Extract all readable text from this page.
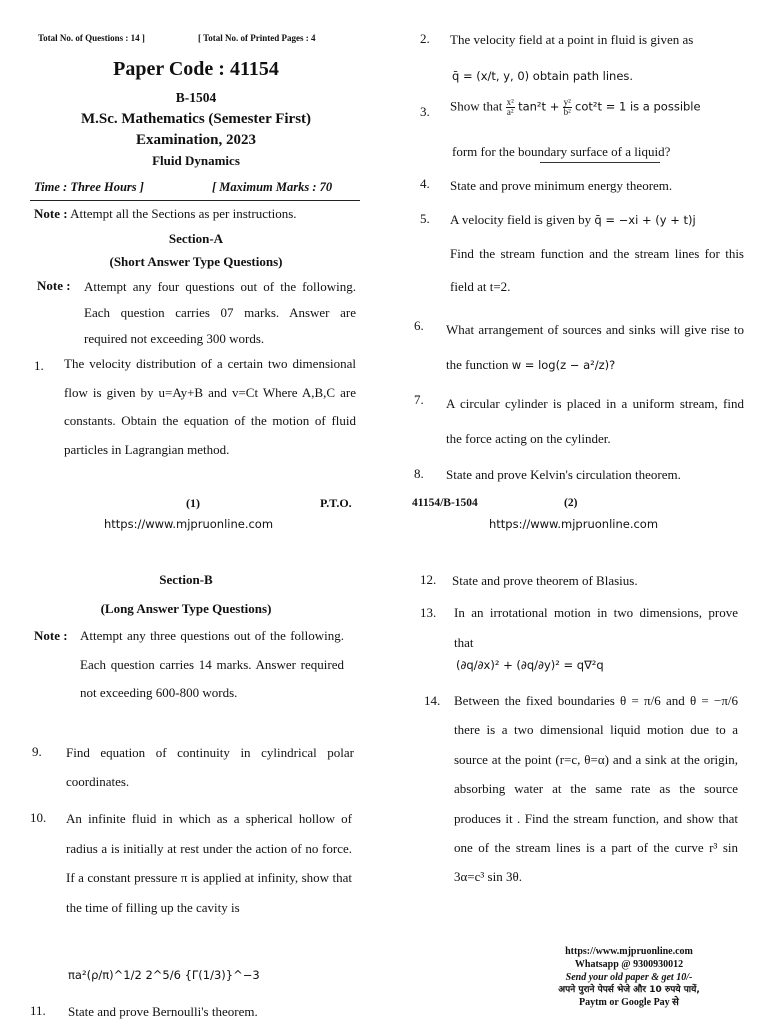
Total No. of Questions : 14 ]	[ Total No. of Printed Pages : 4
Paper Code : 41154
B-1504
M.Sc. Mathematics (Semester First)
Examination, 2023
Fluid Dynamics
Time : Three Hours ]	[ Maximum Marks : 70
Note : Attempt all the Sections as per instructions.
Section-A
(Short Answer Type Questions)
Note : Attempt any four questions out of the following. Each question carries 07 marks. Answer are required not exceeding 300 words.
1. The velocity distribution of a certain two dimensional flow is given by u=Ay+B and v=Ct Where A,B,C are constants. Obtain the equation of the motion of fluid particles in Lagrangian method.
(1)	P.T.O.
2. The velocity field at a point in fluid is given as
q̄ = (x/t, y, 0) obtain path lines.
3. Show that $\frac{\text{x²}}{\text{a²}} \tan^2t + \frac{\text{y²}}{\text{b²}} \cot^2t = 1$ is a possible
form for the boundary surface of a liquid?
4. State and prove minimum energy theorem.
5. A velocity field is given by q̄ = −xi + (y + t)j
Find the stream function and the stream lines for this field at t=2.
6. What arrangement of sources and sinks will give rise to the function w = log(z − a²/z)?
7. A circular cylinder is placed in a uniform stream, find the force acting on the cylinder.
8. State and prove Kelvin's circulation theorem.
41154/B-1504	(2)
https://www.mjpruonline.com	https://www.mjpruonline.com
Section-B
(Long Answer Type Questions)
Note : Attempt any three questions out of the following. Each question carries 14 marks. Answer required not exceeding 600-800 words.
9. Find equation of continuity in cylindrical polar coordinates.
10. An infinite fluid in which as a spherical hollow of radius a is initially at rest under the action of no force. If a constant pressure π is applied at infinity, show that the time of filling up the cavity is
πa²(ρ/π)^1/2 2^5/6 {Γ(1/3)}^−3
11. State and prove Bernoulli's theorem.
12. State and prove theorem of Blasius.
13. In an irrotational motion in two dimensions, prove that
(∂q/∂x)² + (∂q/∂y)² = q∇²q
14. Between the fixed boundaries θ = π/6 and θ = −π/6 there is a two dimensional liquid motion due to a source at the point (r=c, θ=α) and a sink at the origin, absorbing water at the same rate as the source produces it . Find the stream function, and show that one of the stream lines is a part of the curve r³ sin 3α=c³ sin 3θ.
https://www.mjpruonline.com
Whatsapp @ 9300930012
Send your old paper & get 10/-
अपने पुराने पेपर्स भेजे और 10 रुपये पायें,
Paytm or Google Pay से
